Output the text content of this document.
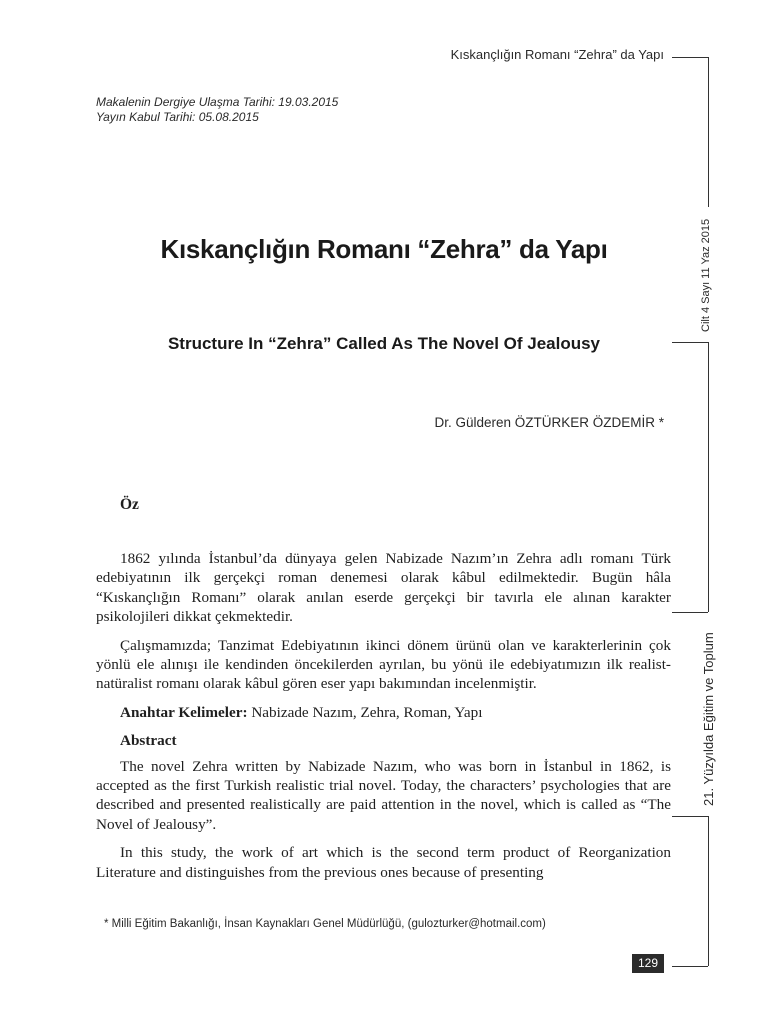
Kıskançlığın Romanı “Zehra” da Yapı
Cilt 4 Sayı 11 Yaz 2015
21. Yüzyılda Eğitim ve Toplum
Makalenin Dergiye Ulaşma Tarihi: 19.03.2015
Yayın Kabul Tarihi: 05.08.2015
Kıskançlığın Romanı “Zehra” da Yapı
Structure In “Zehra” Called As The Novel Of Jealousy
Dr. Gülderen ÖZTÜRKER ÖZDEMİR *
Öz

1862 yılında İstanbul’da dünyaya gelen Nabizade Nazım’ın Zehra adlı romanı Türk edebiyatının ilk gerçekçi roman denemesi olarak kâbul edilmektedir. Bugün hâla “Kıskançlığın Romanı” olarak anılan eserde gerçekçi bir tavırla ele alınan karakter psikolojileri dikkat çekmektedir.

Çalışmamızda; Tanzimat Edebiyatının ikinci dönem ürünü olan ve karakterlerinin çok yönlü ele alınışı ile kendinden öncekilerden ayrılan, bu yönü ile edebiyatımızın ilk realist-natüralist romanı olarak kâbul gören eser yapı bakımından incelenmiştir.

Anahtar Kelimeler: Nabizade Nazım, Zehra, Roman, Yapı

Abstract

The novel Zehra written by Nabizade Nazım, who was born in İstanbul in 1862, is accepted as the first Turkish realistic trial novel. Today, the characters’ psychologies that are described and presented realistically are paid attention in the novel, which is called as “The Novel of Jealousy”.

In this study, the work of art which is the second term product of Reorganization Literature and distinguishes from the previous ones because of presenting

* Milli Eğitim Bakanlığı, İnsan Kaynakları Genel Müdürlüğü, (gulozturker@hotmail.com)
129
